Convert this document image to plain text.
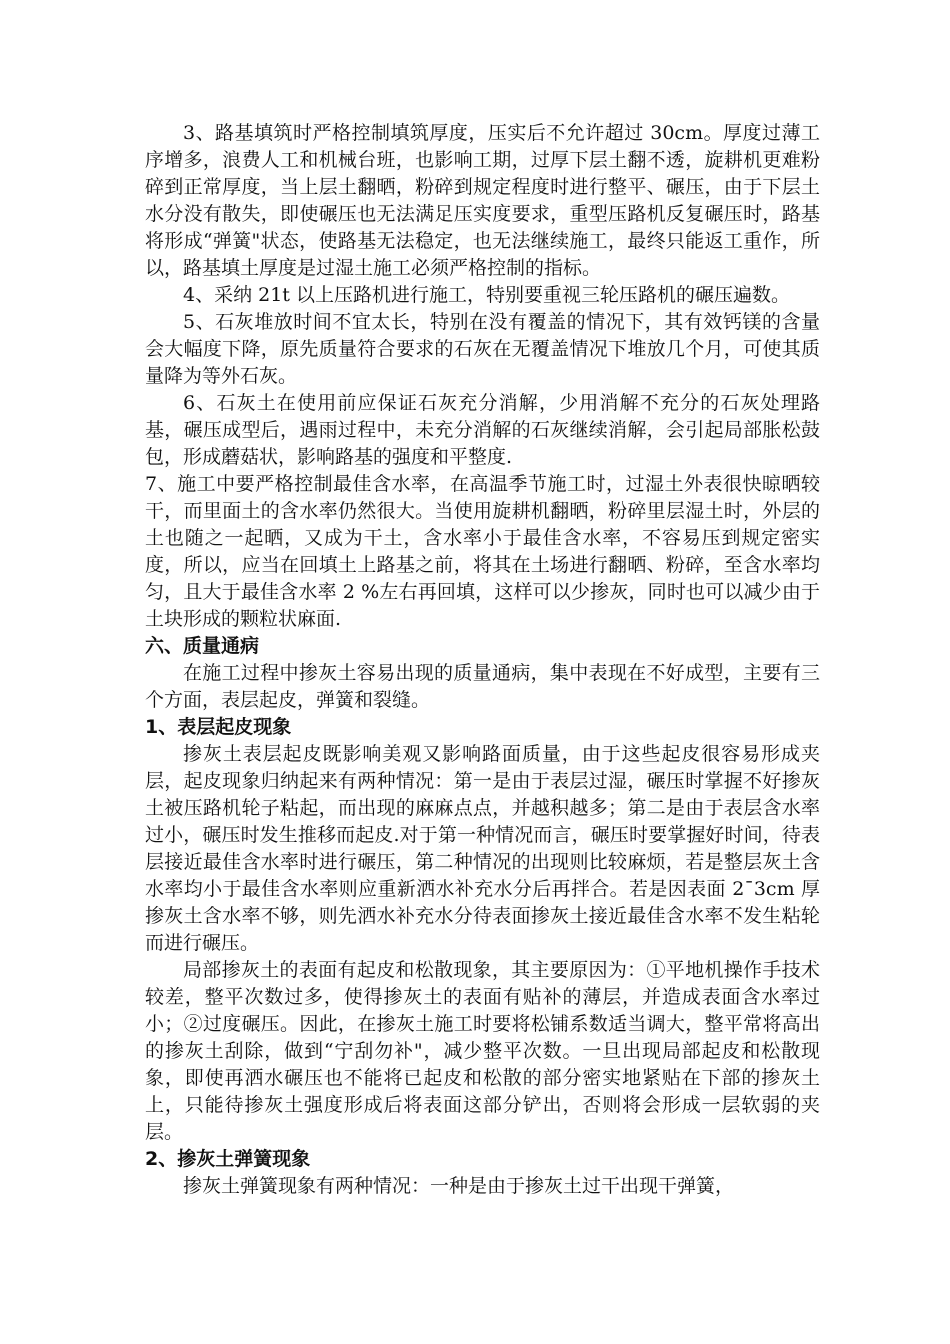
3、路基填筑时严格控制填筑厚度，压实后不允许超过 30cm。厚度过薄工序增多，浪费人工和机械台班，也影响工期，过厚下层土翻不透，旋耕机更难粉碎到正常厚度，当上层土翻晒，粉碎到规定程度时进行整平、碾压，由于下层土水分没有散失，即使碾压也无法满足压实度要求，重型压路机反复碾压时，路基将形成“弹簧"状态，使路基无法稳定，也无法继续施工，最终只能返工重作，所以，路基填土厚度是过湿土施工必须严格控制的指标。

4、采纳 21t 以上压路机进行施工，特别要重视三轮压路机的碾压遍数。

5、石灰堆放时间不宜太长，特别在没有覆盖的情况下，其有效钙镁的含量会大幅度下降，原先质量符合要求的石灰在无覆盖情况下堆放几个月，可使其质量降为等外石灰。

6、石灰土在使用前应保证石灰充分消解，少用消解不充分的石灰处理路基，碾压成型后，遇雨过程中，未充分消解的石灰继续消解，会引起局部胀松鼓包，形成蘑菇状，影响路基的强度和平整度.

7、施工中要严格控制最佳含水率，在高温季节施工时，过湿土外表很快晾晒较干，而里面土的含水率仍然很大。当使用旋耕机翻晒，粉碎里层湿土时，外层的土也随之一起晒，又成为干土，含水率小于最佳含水率，不容易压到规定密实度，所以，应当在回填土上路基之前，将其在土场进行翻晒、粉碎，至含水率均匀，且大于最佳含水率 2 %左右再回填，这样可以少掺灰，同时也可以减少由于土块形成的颗粒状麻面.

六、质量通病

在施工过程中掺灰土容易出现的质量通病，集中表现在不好成型，主要有三个方面，表层起皮，弹簧和裂缝。

1、表层起皮现象

掺灰土表层起皮既影响美观又影响路面质量，由于这些起皮很容易形成夹层，起皮现象归纳起来有两种情况：第一是由于表层过湿，碾压时掌握不好掺灰土被压路机轮子粘起，而出现的麻麻点点，并越积越多；第二是由于表层含水率过小，碾压时发生推移而起皮.对于第一种情况而言，碾压时要掌握好时间，待表层接近最佳含水率时进行碾压，第二种情况的出现则比较麻烦，若是整层灰土含水率均小于最佳含水率则应重新洒水补充水分后再拌合。若是因表面 2¯3cm 厚掺灰土含水率不够，则先洒水补充水分待表面掺灰土接近最佳含水率不发生粘轮而进行碾压。

局部掺灰土的表面有起皮和松散现象，其主要原因为：①平地机操作手技术较差，整平次数过多，使得掺灰土的表面有贴补的薄层，并造成表面含水率过小；②过度碾压。因此，在掺灰土施工时要将松铺系数适当调大，整平常将高出的掺灰土刮除，做到“宁刮勿补"，减少整平次数。一旦出现局部起皮和松散现象，即使再洒水碾压也不能将已起皮和松散的部分密实地紧贴在下部的掺灰土上，只能待掺灰土强度形成后将表面这部分铲出，否则将会形成一层软弱的夹层。

2、掺灰土弹簧现象

掺灰土弹簧现象有两种情况：一种是由于掺灰土过干出现干弹簧，
